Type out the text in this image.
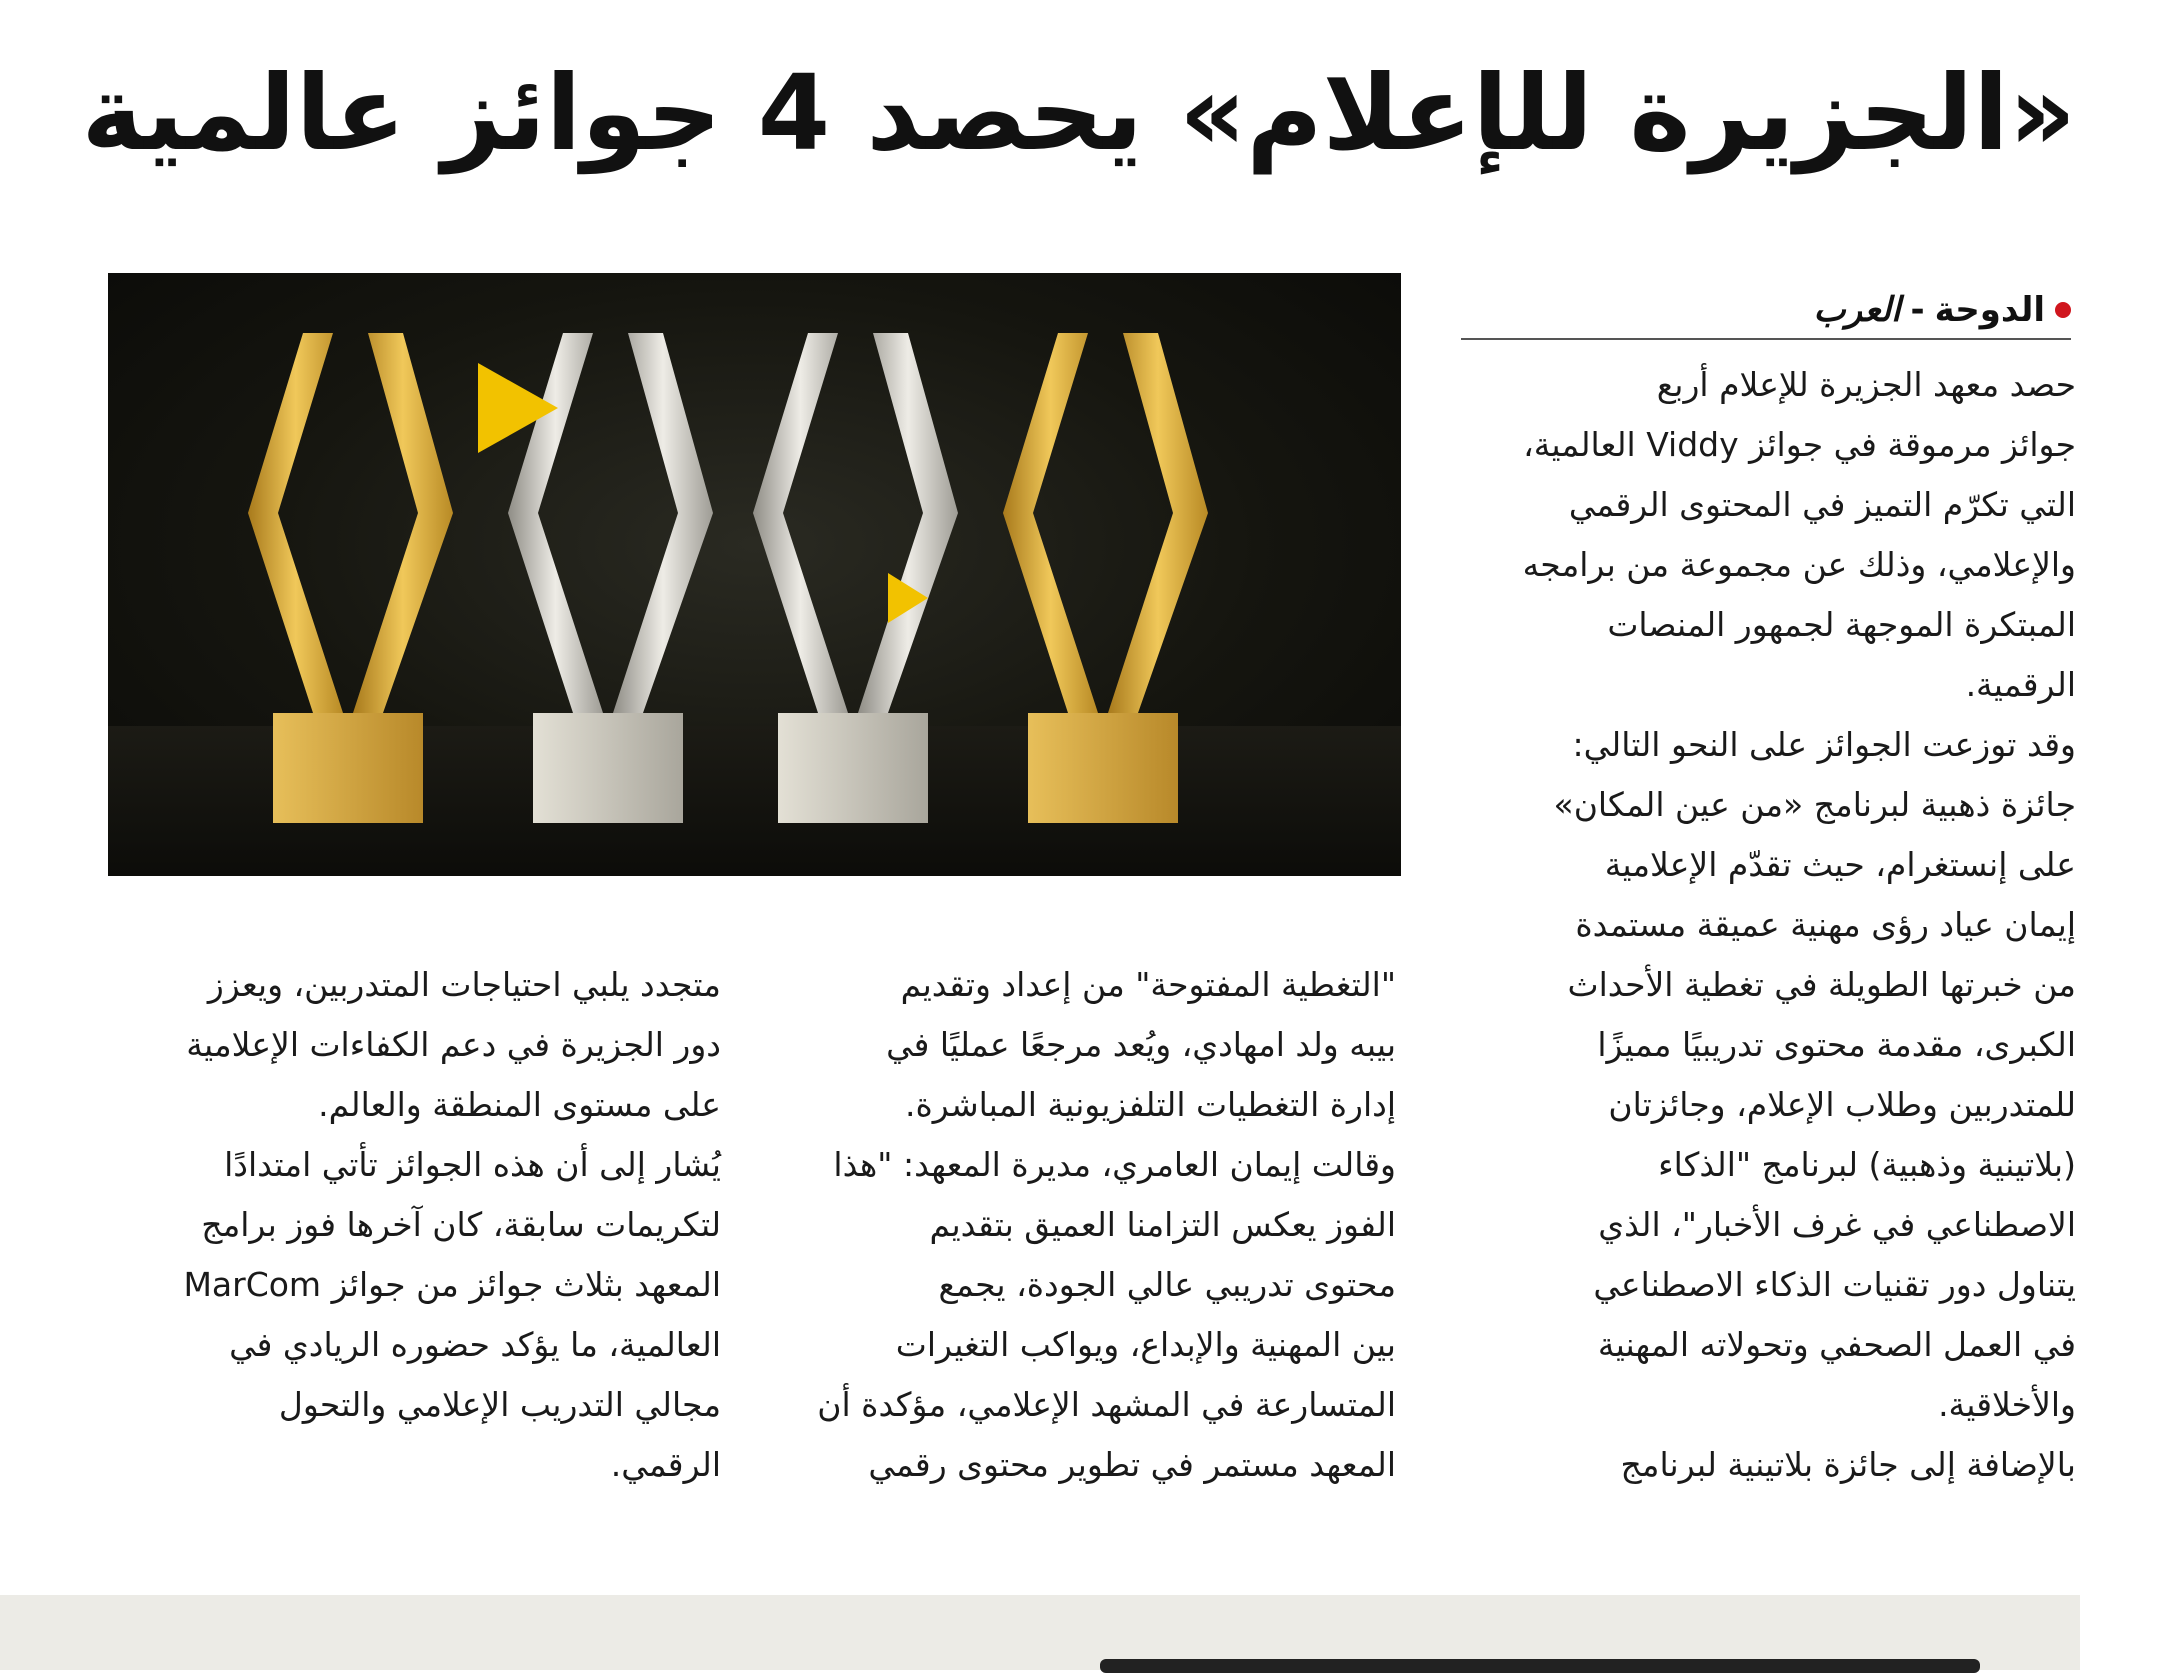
«الجزيرة للإعلام» يحصد 4 جوائز عالمية
الدوحة
-
العرب
حصد معهد الجزيرة للإعلام أربع
جوائز مرموقة في جوائز Viddy العالمية،
التي تكرّم التميز في المحتوى الرقمي
والإعلامي، وذلك عن مجموعة من برامجه
المبتكرة الموجهة لجمهور المنصات
الرقمية.
وقد توزعت الجوائز على النحو التالي:
جائزة ذهبية لبرنامج «من عين المكان»
على إنستغرام، حيث تقدّم الإعلامية
إيمان عياد رؤى مهنية عميقة مستمدة
من خبرتها الطويلة في تغطية الأحداث
الكبرى، مقدمة محتوى تدريبيًا مميزًا
للمتدربين وطلاب الإعلام، وجائزتان
(بلاتينية وذهبية) لبرنامج "الذكاء
الاصطناعي في غرف الأخبار"، الذي
يتناول دور تقنيات الذكاء الاصطناعي
في العمل الصحفي وتحولاته المهنية
والأخلاقية.
بالإضافة إلى جائزة بلاتينية لبرنامج
"التغطية المفتوحة" من إعداد وتقديم
بيبه ولد امهادي، ويُعد مرجعًا عمليًا في
إدارة التغطيات التلفزيونية المباشرة.
وقالت إيمان العامري، مديرة المعهد: "هذا
الفوز يعكس التزامنا العميق بتقديم
محتوى تدريبي عالي الجودة، يجمع
بين المهنية والإبداع، ويواكب التغيرات
المتسارعة في المشهد الإعلامي، مؤكدة أن
المعهد مستمر في تطوير محتوى رقمي
متجدد يلبي احتياجات المتدربين، ويعزز
دور الجزيرة في دعم الكفاءات الإعلامية
على مستوى المنطقة والعالم.
يُشار إلى أن هذه الجوائز تأتي امتدادًا
لتكريمات سابقة، كان آخرها فوز برامج
المعهد بثلاث جوائز من جوائز MarCom
العالمية، ما يؤكد حضوره الريادي في
مجالي التدريب الإعلامي والتحول
الرقمي.
